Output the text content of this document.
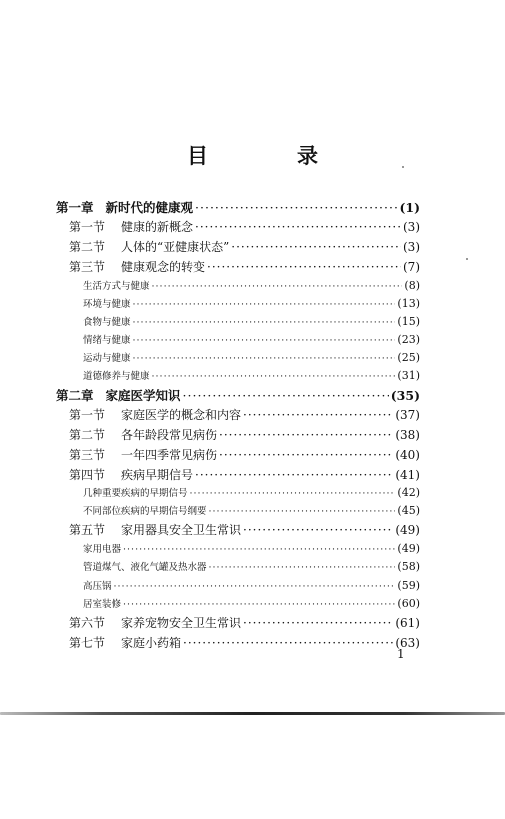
目　录
第一章 新时代的健康观 ·····	(1)
第一节 健康的新概念 ·····	(3)
第二节 人体的“亚健康状态” ·····	(3)
第三节 健康观念的转变 ·····	(7)
生活方式与健康 ·····	(8)
环境与健康 ·····	(13)
食物与健康 ·····	(15)
情绪与健康 ·····	(23)
运动与健康 ·····	(25)
道德修养与健康 ·····	(31)
第二章 家庭医学知识 ·····	(35)
第一节 家庭医学的概念和内容 ·····	(37)
第二节 各年龄段常见病伤 ·····	(38)
第三节 一年四季常见病伤 ·····	(40)
第四节 疾病早期信号 ·····	(41)
几种重要疾病的早期信号 ·····	(42)
不同部位疾病的早期信号纲要 ·····	(45)
第五节 家用器具安全卫生常识 ·····	(49)
家用电器 ·····	(49)
管道煤气、液化气罐及热水器 ·····	(58)
高压锅 ·····	(59)
居室装修 ·····	(60)
第六节 家养宠物安全卫生常识 ·····	(61)
第七节 家庭小药箱 ·····	(63)
1
